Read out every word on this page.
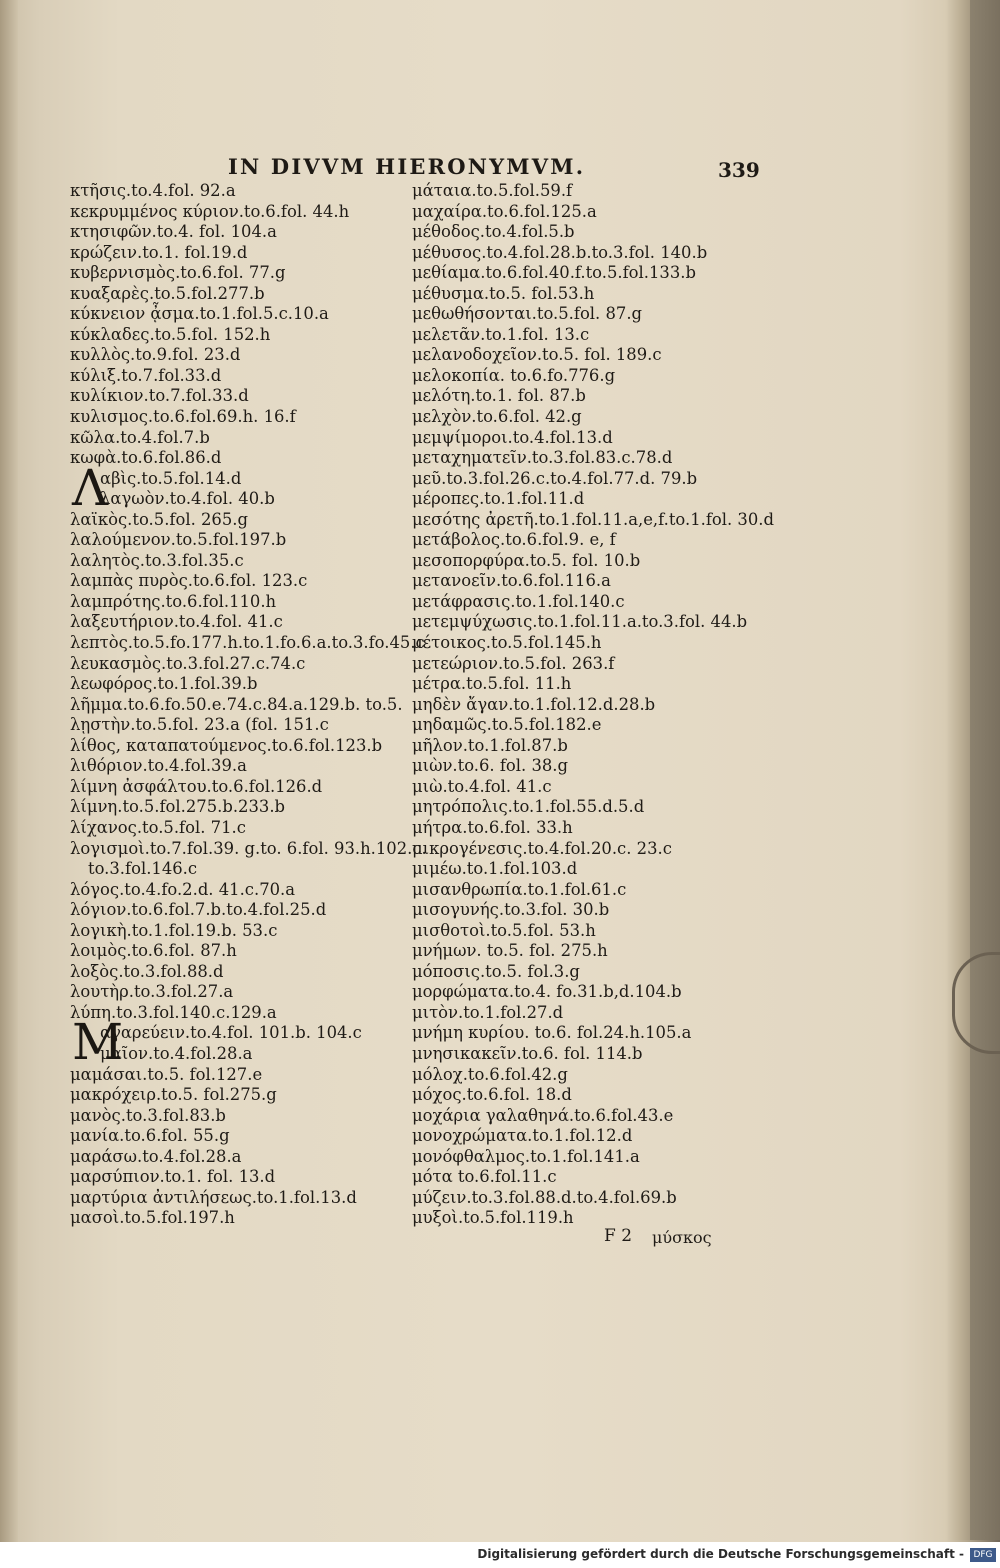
IN DIVVM HIERONYMVM.	339
κτῆσις.to.4.fol. 92.a
κεκρυμμένος κύριον.to.6.fol. 44.h
κτησιφῶν.to.4. fol. 104.a
κρώζειν.to.1. fol.19.d
κυβερνισμὸς.to.6.fol. 77.g
κυαξαρὲς.to.5.fol.277.b
κύκνειον ᾆσμα.to.1.fol.5.c.10.a
κύκλαδες.to.5.fol. 152.h
κυλλὸς.to.9.fol. 23.d
κύλιξ.to.7.fol.33.d
κυλίκιον.to.7.fol.33.d
κυλισμος.to.6.fol.69.h. 16.f
κῶλα.to.4.fol.7.b
κωφὰ.to.6.fol.86.d
Λ
αβὶς.to.5.fol.14.d
λαγωὸν.to.4.fol. 40.b
λαϊκὸς.to.5.fol. 265.g
λαλούμενον.to.5.fol.197.b
λαλητὸς.to.3.fol.35.c
λαμπὰς πυρὸς.to.6.fol. 123.c
λαμπρότης.to.6.fol.110.h
λαξευτήριον.to.4.fol. 41.c
λεπτὸς.to.5.fo.177.h.to.1.fo.6.a.to.3.fo.45.c
λευκασμὸς.to.3.fol.27.c.74.c
λεωφόρος.to.1.fol.39.b
λῆμμα.to.6.fo.50.e.74.c.84.a.129.b. to.5.
λῃστὴν.to.5.fol. 23.a (fol. 151.c
λίθος, καταπατούμενος.to.6.fol.123.b
λιθόριον.to.4.fol.39.a
λίμνη ἀσφάλτου.to.6.fol.126.d
λίμνη.to.5.fol.275.b.233.b
λίχανος.to.5.fol. 71.c
λογισμοὶ.to.7.fol.39. g.to. 6.fol. 93.h.102.c.
to.3.fol.146.c
λόγος.to.4.fo.2.d. 41.c.70.a
λόγιον.to.6.fol.7.b.to.4.fol.25.d
λογικὴ.to.1.fol.19.b. 53.c
λοιμὸς.to.6.fol. 87.h
λοξὸς.to.3.fol.88.d
λουτὴρ.to.3.fol.27.a
λύπη.to.3.fol.140.c.129.a
Μ
αγαρεύειν.to.4.fol. 101.b. 104.c
μαῖον.to.4.fol.28.a
μαμάσαι.to.5. fol.127.e
μακρόχειρ.to.5. fol.275.g
μανὸς.to.3.fol.83.b
μανία.to.6.fol. 55.g
μαράσω.to.4.fol.28.a
μαρσύπιον.to.1. fol. 13.d
μαρτύρια ἀντιλήσεως.to.1.fol.13.d
μασοὶ.to.5.fol.197.h
μάταια.to.5.fol.59.f
μαχαίρα.to.6.fol.125.a
μέθοδος.to.4.fol.5.b
μέθυσος.to.4.fol.28.b.to.3.fol. 140.b
μεθίαμα.to.6.fol.40.f.to.5.fol.133.b
μέθυσμα.to.5. fol.53.h
μεθωθήσονται.to.5.fol. 87.g
μελετᾶν.to.1.fol. 13.c
μελανοδοχεῖον.to.5. fol. 189.c
μελοκοπία. to.6.fo.776.g
μελότη.to.1. fol. 87.b
μελχὸν.to.6.fol. 42.g
μεμψίμοροι.to.4.fol.13.d
μεταχηματεῖν.to.3.fol.83.c.78.d
μεῦ.to.3.fol.26.c.to.4.fol.77.d. 79.b
μέροπες.to.1.fol.11.d
μεσότης ἀρετῆ.to.1.fol.11.a,e,f.to.1.fol. 30.d
μετάβολος.to.6.fol.9. e, f
μεσοπορφύρα.to.5. fol. 10.b
μετανοεῖν.to.6.fol.116.a
μετάφρασις.to.1.fol.140.c
μετεμψύχωσις.to.1.fol.11.a.to.3.fol. 44.b
μέτοικος.to.5.fol.145.h
μετεώριον.to.5.fol. 263.f
μέτρα.to.5.fol. 11.h
μηδὲν ἄγαν.to.1.fol.12.d.28.b
μηδαμῶς.to.5.fol.182.e
μῆλον.to.1.fol.87.b
μιὼν.to.6. fol. 38.g
μιὼ.to.4.fol. 41.c
μητρόπολις.to.1.fol.55.d.5.d
μήτρα.to.6.fol. 33.h
μικρογένεσις.to.4.fol.20.c. 23.c
μιμέω.to.1.fol.103.d
μισανθρωπία.to.1.fol.61.c
μισογυνής.to.3.fol. 30.b
μισθοτοὶ.to.5.fol. 53.h
μνήμων. to.5. fol. 275.h
μόποσις.to.5. fol.3.g
μορφώματα.to.4. fo.31.b,d.104.b
μιτὸν.to.1.fol.27.d
μνήμη κυρίου. to.6. fol.24.h.105.a
μνησικακεῖν.to.6. fol. 114.b
μόλοχ.to.6.fol.42.g
μόχος.to.6.fol. 18.d
μοχάρια γαλαθηνά.to.6.fol.43.e
μονοχρώματα.to.1.fol.12.d
μονόφθαλμος.to.1.fol.141.a
μότα to.6.fol.11.c
μύζειν.to.3.fol.88.d.to.4.fol.69.b
μυξοὶ.to.5.fol.119.h
F 2 μύσκος
Digitalisierung gefördert durch die Deutsche Forschungsgemeinschaft -	DFG
